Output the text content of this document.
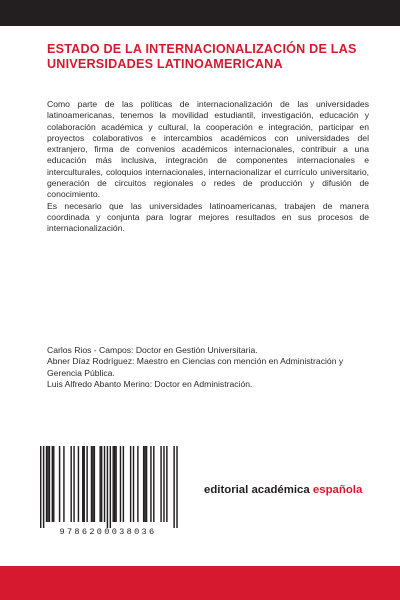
ESTADO DE LA INTERNACIONALIZACIÓN DE LAS UNIVERSIDADES LATINOAMERICANA

Como parte de las políticas de internacionalización de las universidades latinoamericanas, tenemos la movilidad estudiantil, investigación, educación y colaboración académica y cultural, la cooperación e integración, participar en proyectos colaborativos e intercambios académicos con universidades del extranjero, firma de convenios académicos internacionales, contribuir a una educación más inclusiva, integración de componentes internacionales e interculturales, coloquios internacionales, internacionalizar el currículo universitario, generación de circuitos regionales o redes de producción y difusión de conocimiento.

Es necesario que las universidades latinoamericanas, trabajen de manera coordinada y conjunta para lograr mejores resultados en sus procesos de internacionalización.

Carlos Rios - Campos: Doctor en Gestión Universitaria.

Abner Díaz Rodríguez: Maestro en Ciencias con mención en Administración y Gerencia Pública.

Luis Alfredo Abanto Merino: Doctor en Administración.

9786200038036
editorial académica española
